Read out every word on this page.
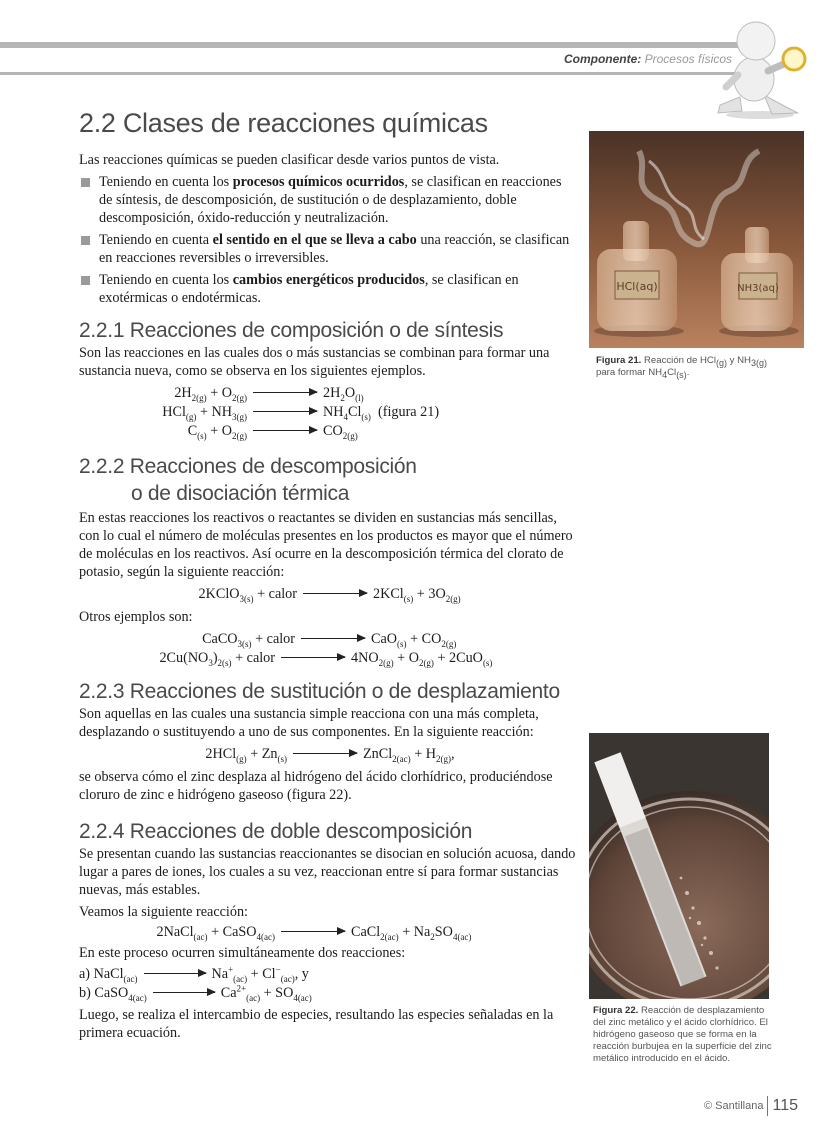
Componente: Procesos físicos
2.2 Clases de reacciones químicas

Las reacciones químicas se pueden clasificar desde varios puntos de vista.

Teniendo en cuenta los procesos químicos ocurridos, se clasifican en reacciones de síntesis, de descomposición, de sustitución o de desplazamiento, doble descomposición, óxido-reducción y neutralización.
Teniendo en cuenta el sentido en el que se lleva a cabo una reacción, se clasifican en reacciones reversibles o irreversibles.
Teniendo en cuenta los cambios energéticos producidos, se clasifican en exotérmicas o endotérmicas.
2.2.1 Reacciones de composición o de síntesis

Son las reacciones en las cuales dos o más sustancias se combinan para formar una sustancia nueva, como se observa en los siguientes ejemplos.

$2H_{2(g)} + O_{2(g)}$	$2H_2O_{(l)}$
$HCl_{(g)} + NH_{3(g)}$	$NH_4Cl_{(s)}$ (figura 21)
$C_{(s)} + O_{2(g)}$	$CO_{2(g)}$
2.2.2 Reacciones de descomposición
o de disociación térmica

En estas reacciones los reactivos o reactantes se dividen en sustancias más sencillas, con lo cual el número de moléculas presentes en los productos es mayor que el número de moléculas en los reactivos. Así ocurre en la descomposición térmica del clorato de potasio, según la siguiente reacción:

2KClO$_{3(s)}$ + calor	$2KCl_{(s)} + 3O_{2(g)}$

Otros ejemplos son:

CaCO$_{3(s)}$ + calor	$CaO_{(s)} + CO_{2(g)}$
$2Cu(NO_3)_{2(s)}$ + calor	$4NO_{2(g)} + O_{2(g)} + 2CuO_{(s)}$
2.2.3 Reacciones de sustitución o de desplazamiento

Son aquellas en las cuales una sustancia simple reacciona con una más completa, desplazando o sustituyendo a uno de sus componentes. En la siguiente reacción:

$2HCl_{(g)} + Zn_{(s)}$	ZnCl$_{2(ac)}$ + $H_{2(g)}$,

se observa cómo el zinc desplaza al hidrógeno del ácido clorhídrico, produciéndose cloruro de zinc e hidrógeno gaseoso (figura 22).

2.2.4 Reacciones de doble descomposición

Se presentan cuando las sustancias reaccionantes se disocian en solución acuosa, dando lugar a pares de iones, los cuales a su vez, reaccionan entre sí para formar sustancias nuevas, más estables.

Veamos la siguiente reacción:

2NaCl$_{(ac)}$ + CaSO$_{4(ac)}$	CaCl$_{2(ac)}$ + $Na_2SO_{4(ac)}$

En este proceso ocurren simultáneamente dos reacciones:

a) NaCl$_{(ac)}$	$Na^+_{(ac)} + Cl^-_{(ac)}$, y
b) CaSO$_{4(ac)}$	$Ca^{2+}_{(ac)} + SO_{4(ac)}$

Luego, se realiza el intercambio de especies, resultando las especies señaladas en la primera ecuación.

HCl(aq)	NH3(aq)
Figura 21. Reacción de HCl$_{(g)}$ y $NH_{3(g)}$ para formar $NH_4Cl_{(s)}$.
Figura 22. Reacción de desplazamiento del zinc metálico y el ácido clorhídrico. El hidrógeno gaseoso que se forma en la reacción burbujea en la superficie del zinc metálico introducido en el ácido.
© Santillana 115
